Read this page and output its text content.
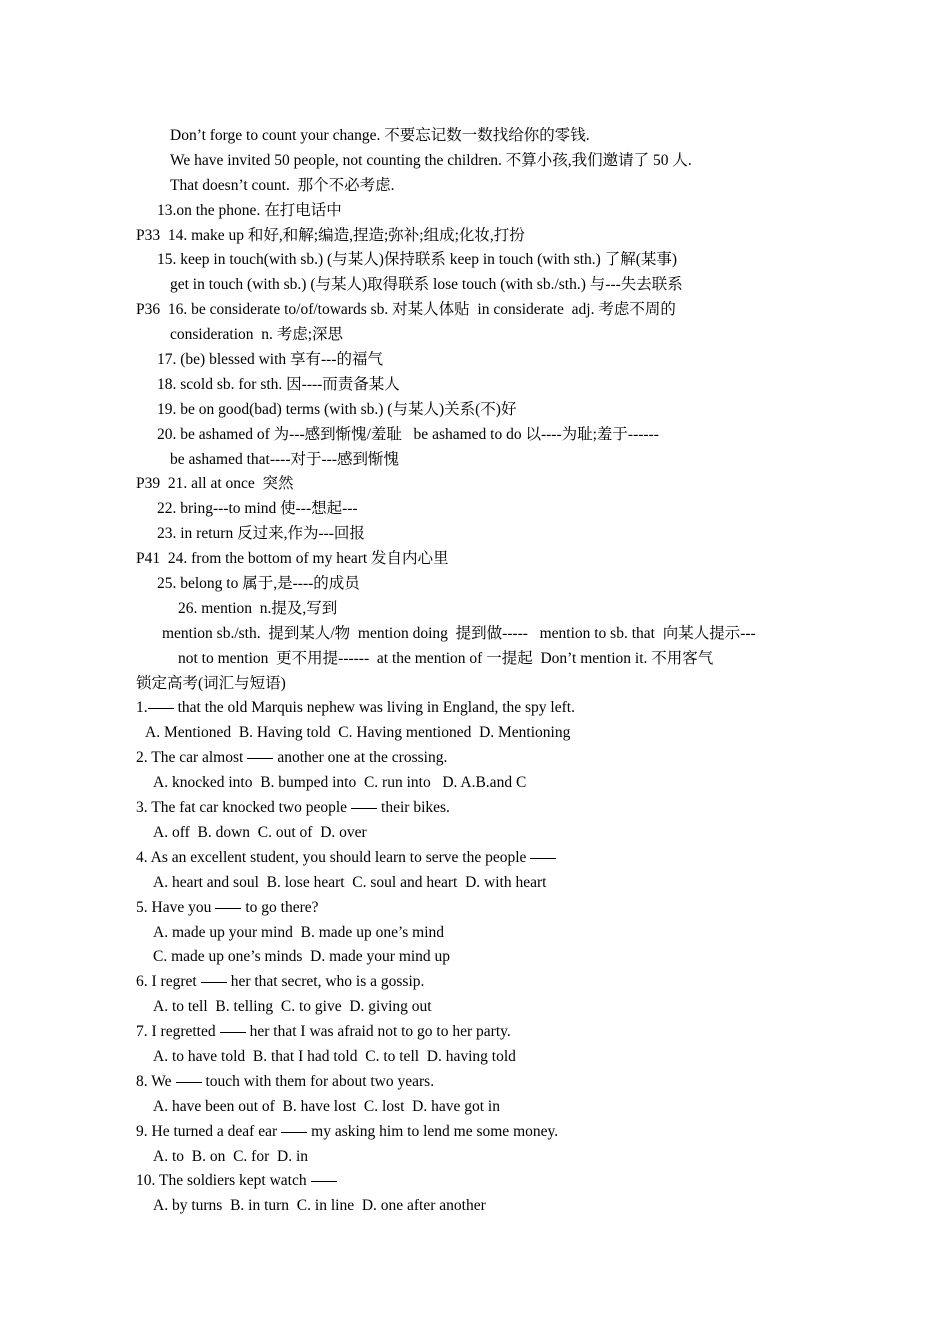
Don’t forge to count your change. 不要忘记数一数找给你的零钱.
We have invited 50 people, not counting the children. 不算小孩,我们邀请了 50 人.
That doesn’t count.  那个不必考虑.
13.on the phone. 在打电话中
P33  14. make up 和好,和解;编造,捏造;弥补;组成;化妆,打扮
15. keep in touch(with sb.) (与某人)保持联系 keep in touch (with sth.) 了解(某事)
get in touch (with sb.) (与某人)取得联系 lose touch (with sb./sth.) 与---失去联系
P36  16. be considerate to/of/towards sb. 对某人体贴  in considerate  adj. 考虑不周的
consideration  n. 考虑;深思
17. (be) blessed with 享有---的福气
18. scold sb. for sth. 因----而责备某人
19. be on good(bad) terms (with sb.) (与某人)关系(不)好
20. be ashamed of 为---感到惭愧/羞耻   be ashamed to do 以----为耻;羞于------
be ashamed that----对于---感到惭愧
P39  21. all at once  突然
22. bring---to mind 使---想起---
23. in return 反过来,作为---回报
P41  24. from the bottom of my heart 发自内心里
25. belong to 属于,是----的成员
26. mention  n.提及,写到
mention sb./sth.  提到某人/物  mention doing  提到做-----   mention to sb. that  向某人提示---
not to mention  更不用提------  at the mention of 一提起  Don’t mention it. 不用客气
锁定高考(词汇与短语)
1. that the old Marquis nephew was living in England, the spy left.
A. Mentioned  B. Having told  C. Having mentioned  D. Mentioning
2. The car almost another one at the crossing.
A. knocked into  B. bumped into  C. run into   D. A.B.and C
3. The fat car knocked two people their bikes.
A. off  B. down  C. out of  D. over
4. As an excellent student, you should learn to serve the people
A. heart and soul  B. lose heart  C. soul and heart  D. with heart
5. Have you to go there?
A. made up your mind  B. made up one’s mind
C. made up one’s minds  D. made your mind up
6. I regret her that secret, who is a gossip.
A. to tell  B. telling  C. to give  D. giving out
7. I regretted her that I was afraid not to go to her party.
A. to have told  B. that I had told  C. to tell  D. having told
8. We touch with them for about two years.
A. have been out of  B. have lost  C. lost  D. have got in
9. He turned a deaf ear my asking him to lend me some money.
A. to  B. on  C. for  D. in
10. The soldiers kept watch
A. by turns  B. in turn  C. in line  D. one after another
